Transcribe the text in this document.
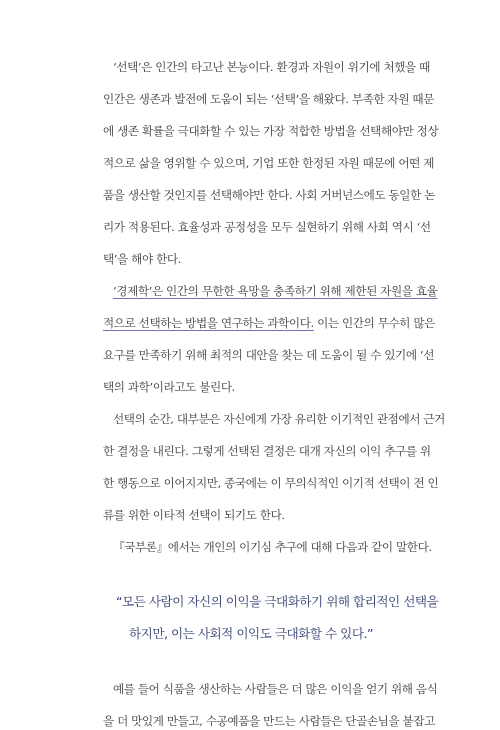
‘선택’은 인간의 타고난 본능이다. 환경과 자원이 위기에 처했을 때
인간은 생존과 발전에 도움이 되는 ‘선택’을 해왔다. 부족한 자원 때문
에 생존 확률을 극대화할 수 있는 가장 적합한 방법을 선택해야만 정상
적으로 삶을 영위할 수 있으며, 기업 또한 한정된 자원 때문에 어떤 제
품을 생산할 것인지를 선택해야만 한다. 사회 거버넌스에도 동일한 논
리가 적용된다. 효율성과 공정성을 모두 실현하기 위해 사회 역시 ‘선
택’을 해야 한다.
‘경제학’은 인간의 무한한 욕망을 충족하기 위해 제한된 자원을 효율
적으로 선택하는 방법을 연구하는 과학이다. 이는 인간의 무수히 많은
요구를 만족하기 위해 최적의 대안을 찾는 데 도움이 될 수 있기에 ‘선
택의 과학’이라고도 불린다.
선택의 순간, 대부분은 자신에게 가장 유리한 이기적인 관점에서 근거
한 결정을 내린다. 그렇게 선택된 결정은 대개 자신의 이익 추구를 위
한 행동으로 이어지지만, 종국에는 이 무의식적인 이기적 선택이 전 인
류를 위한 이타적 선택이 되기도 한다.
『국부론』에서는 개인의 이기심 추구에 대해 다음과 같이 말한다.
“모든 사람이 자신의 이익을 극대화하기 위해 합리적인 선택을
하지만, 이는 사회적 이익도 극대화할 수 있다.”
예를 들어 식품을 생산하는 사람들은 더 많은 이익을 얻기 위해 음식
을 더 맛있게 만들고, 수공예품을 만드는 사람들은 단골손님을 붙잡고
